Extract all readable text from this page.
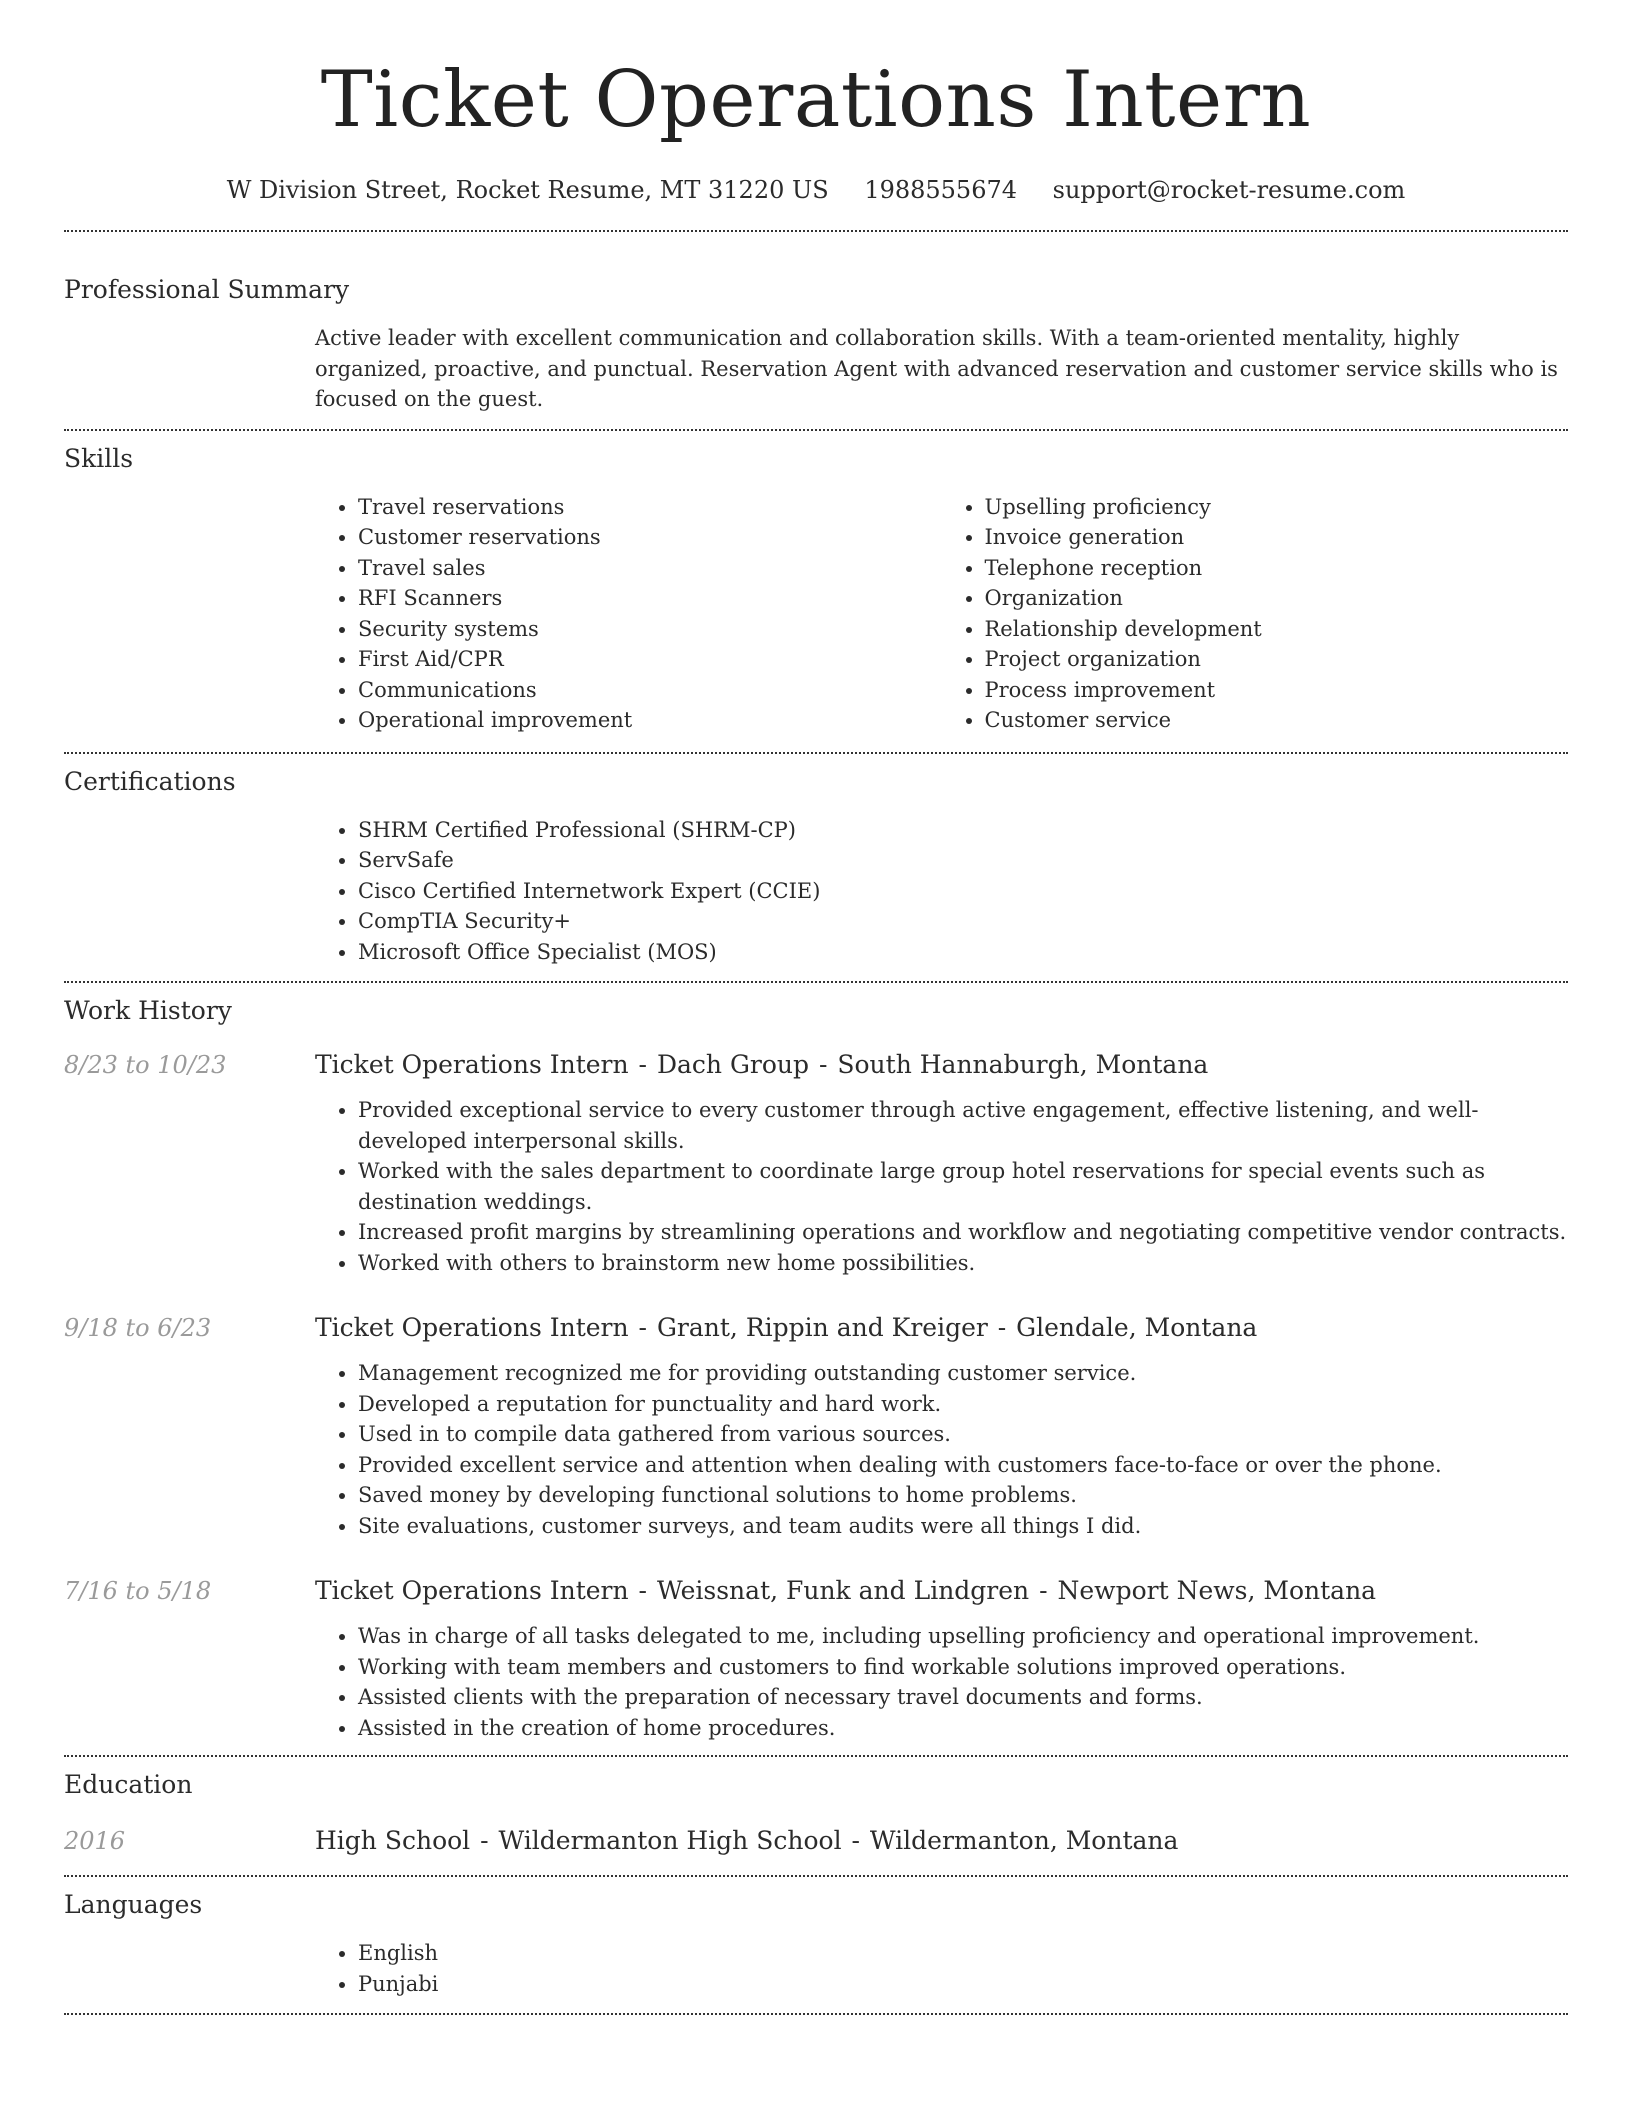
Ticket Operations Intern
W Division Street, Rocket Resume, MT 31220 US 1988555674 support@rocket-resume.com
Professional Summary
Active leader with excellent communication and collaboration skills. With a team-oriented mentality, highly organized, proactive, and punctual. Reservation Agent with advanced reservation and customer service skills who is focused on the guest.
Skills
• Travel reservations
• Customer reservations
• Travel sales
• RFI Scanners
• Security systems
• First Aid/CPR
• Communications
• Operational improvement
• Upselling proficiency
• Invoice generation
• Telephone reception
• Organization
• Relationship development
• Project organization
• Process improvement
• Customer service
Certifications
• SHRM Certified Professional (SHRM-CP)
• ServSafe
• Cisco Certified Internetwork Expert (CCIE)
• CompTIA Security+
• Microsoft Office Specialist (MOS)
Work History
8/23 to 10/23	Ticket Operations Intern - Dach Group - South Hannaburgh, Montana
• Provided exceptional service to every customer through active engagement, effective listening, and well-developed interpersonal skills.
• Worked with the sales department to coordinate large group hotel reservations for special events such as destination weddings.
• Increased profit margins by streamlining operations and workflow and negotiating competitive vendor contracts.
• Worked with others to brainstorm new home possibilities.
9/18 to 6/23	Ticket Operations Intern - Grant, Rippin and Kreiger - Glendale, Montana
• Management recognized me for providing outstanding customer service.
• Developed a reputation for punctuality and hard work.
• Used in to compile data gathered from various sources.
• Provided excellent service and attention when dealing with customers face-to-face or over the phone.
• Saved money by developing functional solutions to home problems.
• Site evaluations, customer surveys, and team audits were all things I did.
7/16 to 5/18	Ticket Operations Intern - Weissnat, Funk and Lindgren - Newport News, Montana
• Was in charge of all tasks delegated to me, including upselling proficiency and operational improvement.
• Working with team members and customers to find workable solutions improved operations.
• Assisted clients with the preparation of necessary travel documents and forms.
• Assisted in the creation of home procedures.
Education
2016	High School - Wildermanton High School - Wildermanton, Montana
Languages
• English
• Punjabi
